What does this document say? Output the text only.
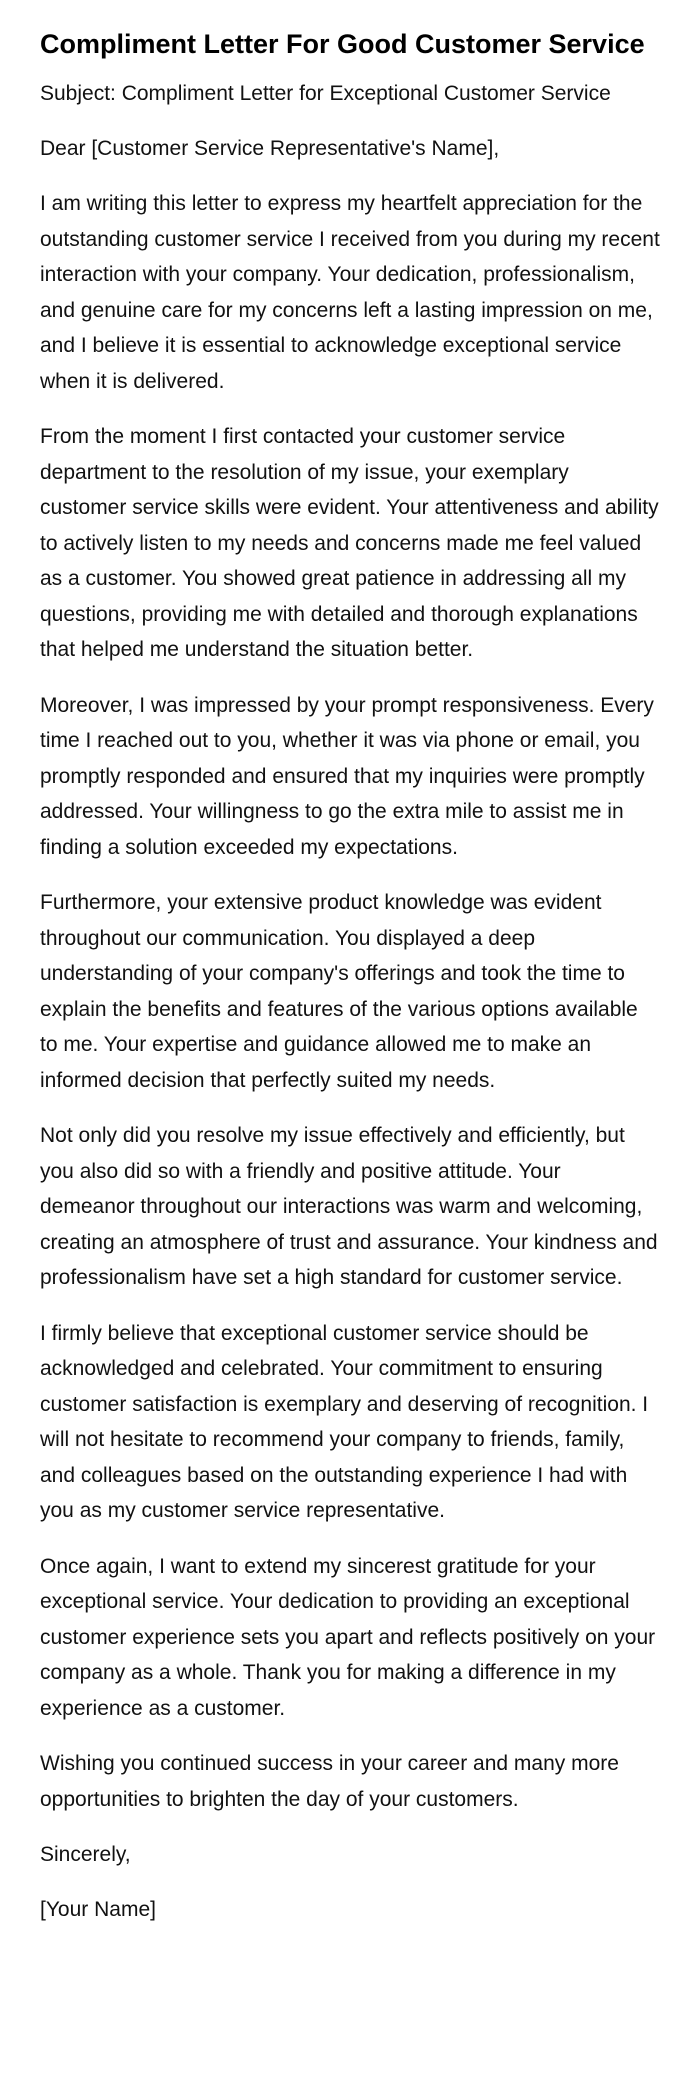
Compliment Letter For Good Customer Service

Subject: Compliment Letter for Exceptional Customer Service

Dear [Customer Service Representative's Name],

I am writing this letter to express my heartfelt appreciation for the outstanding customer service I received from you during my recent interaction with your company. Your dedication, professionalism, and genuine care for my concerns left a lasting impression on me, and I believe it is essential to acknowledge exceptional service when it is delivered.

From the moment I first contacted your customer service department to the resolution of my issue, your exemplary customer service skills were evident. Your attentiveness and ability to actively listen to my needs and concerns made me feel valued as a customer. You showed great patience in addressing all my questions, providing me with detailed and thorough explanations that helped me understand the situation better.

Moreover, I was impressed by your prompt responsiveness. Every time I reached out to you, whether it was via phone or email, you promptly responded and ensured that my inquiries were promptly addressed. Your willingness to go the extra mile to assist me in finding a solution exceeded my expectations.

Furthermore, your extensive product knowledge was evident throughout our communication. You displayed a deep understanding of your company's offerings and took the time to explain the benefits and features of the various options available to me. Your expertise and guidance allowed me to make an informed decision that perfectly suited my needs.

Not only did you resolve my issue effectively and efficiently, but you also did so with a friendly and positive attitude. Your demeanor throughout our interactions was warm and welcoming, creating an atmosphere of trust and assurance. Your kindness and professionalism have set a high standard for customer service.

I firmly believe that exceptional customer service should be acknowledged and celebrated. Your commitment to ensuring customer satisfaction is exemplary and deserving of recognition. I will not hesitate to recommend your company to friends, family, and colleagues based on the outstanding experience I had with you as my customer service representative.

Once again, I want to extend my sincerest gratitude for your exceptional service. Your dedication to providing an exceptional customer experience sets you apart and reflects positively on your company as a whole. Thank you for making a difference in my experience as a customer.

Wishing you continued success in your career and many more opportunities to brighten the day of your customers.

Sincerely,

[Your Name]
